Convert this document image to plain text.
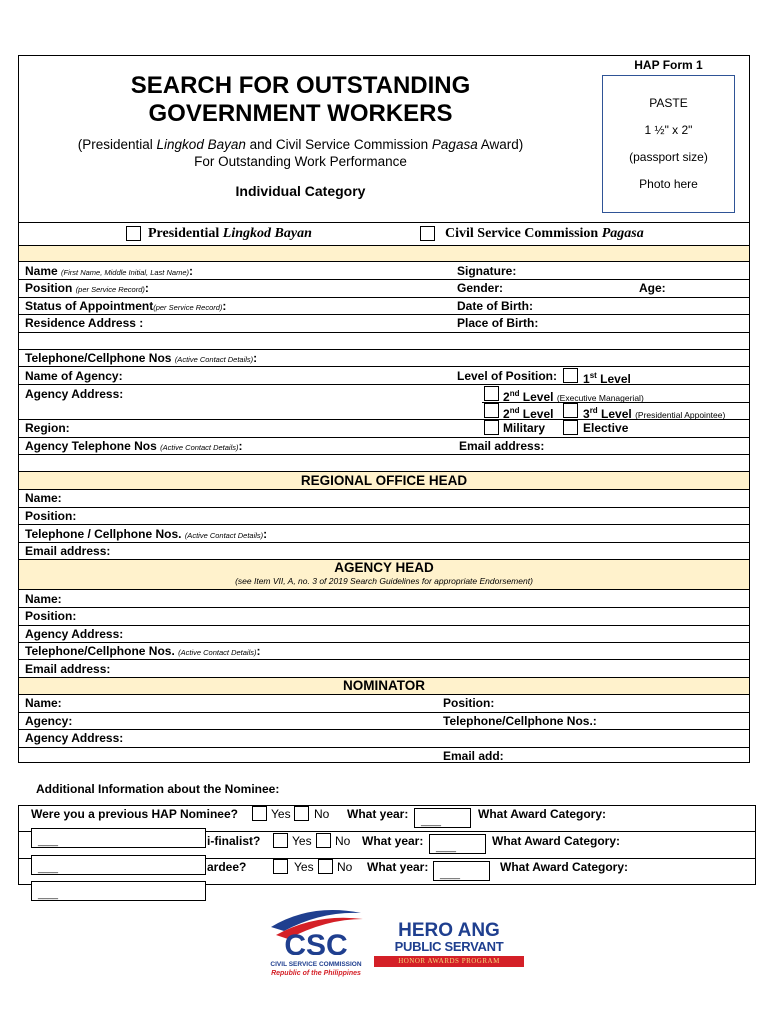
SEARCH FOR OUTSTANDING
GOVERNMENT WORKERS
(Presidential Lingkod Bayan and Civil Service Commission Pagasa Award)
For Outstanding Work Performance
Individual Category
HAP Form 1
PASTE
1 ½" x 2"
(passport size)
Photo here
Presidential Lingkod Bayan	Civil Service Commission Pagasa
Name (First Name, Middle Initial, Last Name):	Signature:
Position (per Service Record):	Gender:	Age:
Status of Appointment(per Service Record):	Date of Birth:
Residence Address :	Place of Birth:
Telephone/Cellphone Nos (Active Contact Details):
Name of Agency:	Level of Position: 1st Level
Agency Address:	2nd Level (Executive Managerial)
2nd Level 3rd Level (Presidential Appointee)
Region:	Military	Elective
Agency Telephone Nos (Active Contact Details):	Email address:
REGIONAL OFFICE HEAD
Name:
Position:
Telephone / Cellphone Nos. (Active Contact Details):
Email address:
AGENCY HEAD
(see Item VII, A, no. 3 of 2019 Search Guidelines for appropriate Endorsement)
Name:
Position:
Agency Address:
Telephone/Cellphone Nos. (Active Contact Details):
Email address:
NOMINATOR
Name:	Position:
Agency:	Telephone/Cellphone Nos.:
Agency Address:
Email add:
Additional Information about the Nominee:
Were you a previous HAP Nominee?	Yes No What year:	____	What Award Category:
i-finalist?	Yes No What year:	____	What Award Category:
ardee?	Yes No What year:	____	What Award Category:
____
____
____
CSC
CIVIL SERVICE COMMISSION
Republic of the Philippines
HERO ANG
PUBLIC SERVANT
HONOR AWARDS PROGRAM
